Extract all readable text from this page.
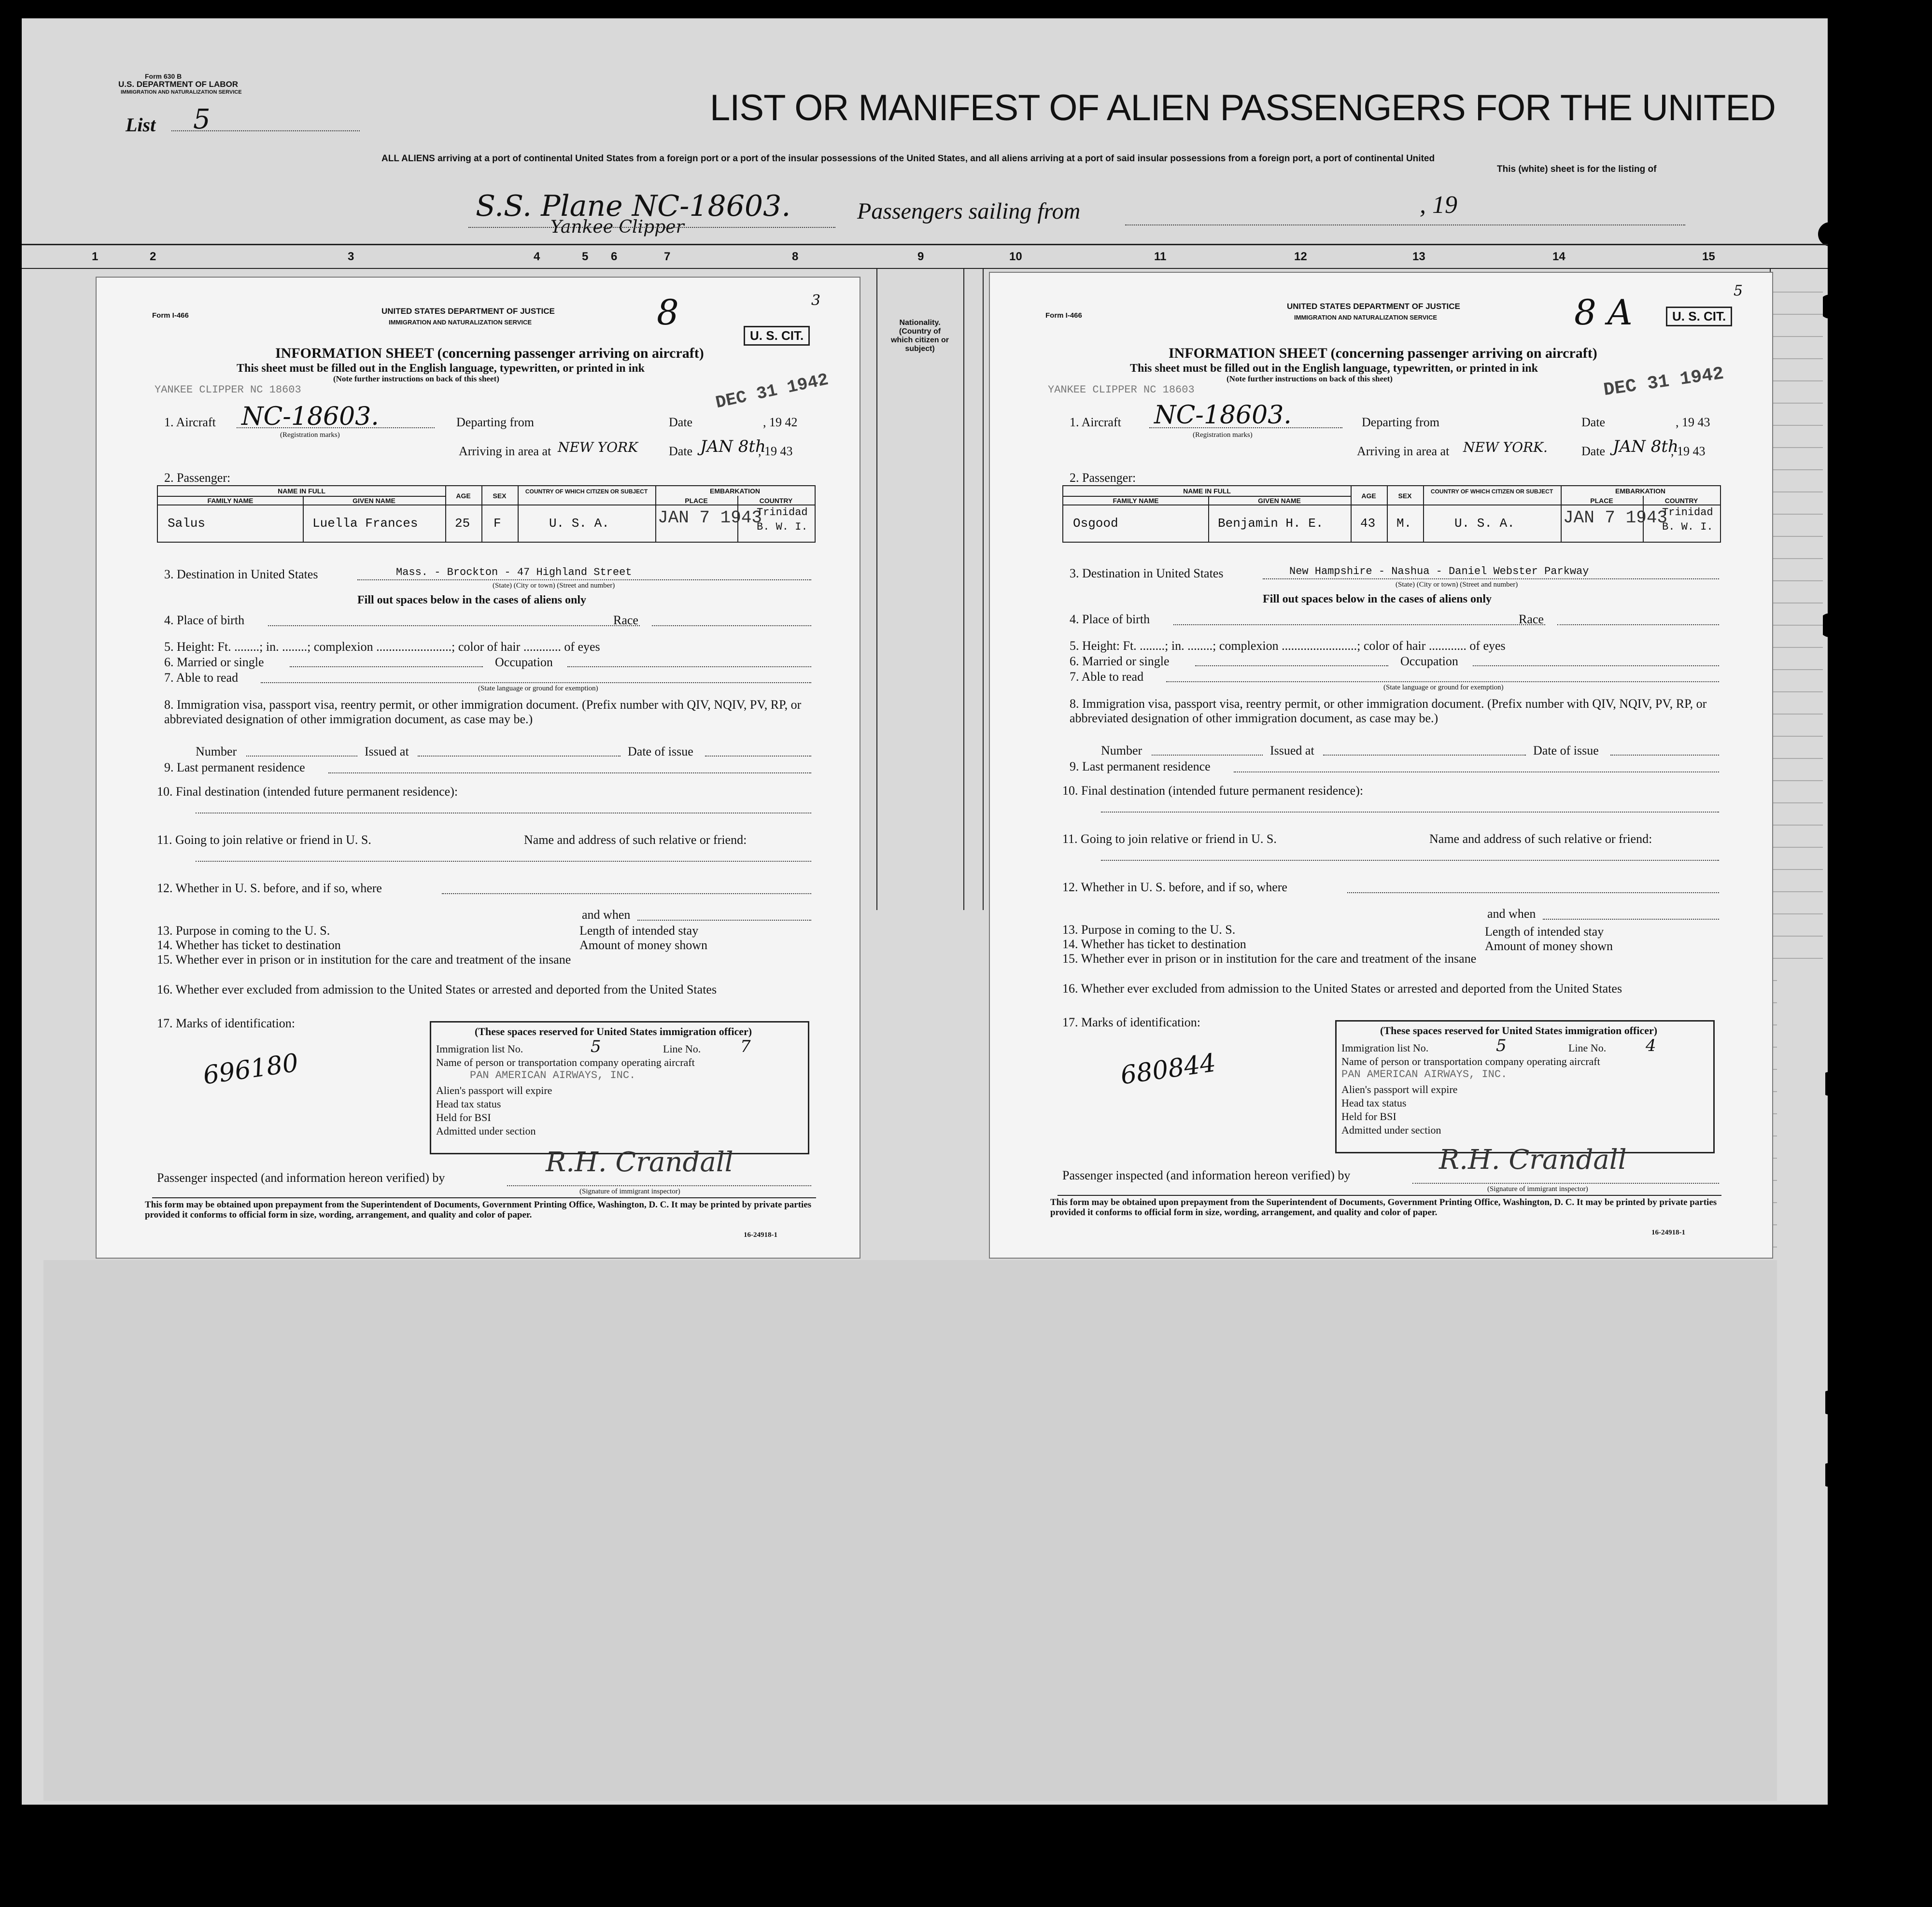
Form 630 B
U.S. DEPARTMENT OF LABOR
IMMIGRATION AND NATURALIZATION SERVICE
List 5	LIST OR MANIFEST OF ALIEN PASSENGERS FOR THE UNITED
ALL ALIENS arriving at a port of continental United States from a foreign port or a port of the insular possessions of the United States, and all aliens arriving at a port of said insular possessions from a foreign port, a port of continental United
This (white) sheet is for the listing of
S.S. Plane NC-18603.
Yankee Clipper
Passengers sailing from	, 19
1	2	3	4	5 6	7	8	9	10	11	12	13	14	15
Nationality. (Country of which citizen or subject)
Form I-466	UNITED STATES DEPARTMENT OF JUSTICE
IMMIGRATION AND NATURALIZATION SERVICE	8	3
U. S. CIT.
INFORMATION SHEET (concerning passenger arriving on aircraft)
This sheet must be filled out in the English language, typewritten, or printed in ink
(Note further instructions on back of this sheet)
YANKEE CLIPPER NC 18603	DEC 31 1942
1. Aircraft NC-18603.
(Registration marks)
Departing from	Date	, 19 42
Arriving in area at NEW YORK Date JAN 8th
, 19 43
2. Passenger:
NAME IN FULL
FAMILY NAME	GIVEN NAME
AGE	SEX
COUNTRY OF WHICH CITIZEN OR SUBJECT	EMBARKATION
PLACE	COUNTRY
Salus	Luella Frances	25 F	U. S. A.	JAN 7 1943
Trinidad
B. W. I.
3. Destination in United States	Mass. - Brockton - 47 Highland Street
(State) (City or town) (Street and number)
Fill out spaces below in the cases of aliens only
4. Place of birth	Race
5. Height: Ft. ........; in. ........; complexion ........................; color of hair ............ of eyes
6. Married or single	Occupation
7. Able to read
(State language or ground for exemption)
8. Immigration visa, passport visa, reentry permit, or other immigration document. (Prefix number with QIV, NQIV, PV, RP, or abbreviated designation of other immigration document, as case may be.)
Number	Issued at	Date of issue
9. Last permanent residence
10. Final destination (intended future permanent residence):
11. Going to join relative or friend in U. S.	Name and address of such relative or friend:
12. Whether in U. S. before, and if so, where
and when
13. Purpose in coming to the U. S.	Length of intended stay
14. Whether has ticket to destination	Amount of money shown
15. Whether ever in prison or in institution for the care and treatment of the insane
16. Whether ever excluded from admission to the United States or arrested and deported from the United States
17. Marks of identification:
696180
(These spaces reserved for United States immigration officer)
Immigration list No.	5	Line No. 7
Name of person or transportation company operating aircraft
PAN AMERICAN AIRWAYS, INC.
Alien's passport will expire
Head tax status
Held for BSI
Admitted under section
Passenger inspected (and information hereon verified) by	R.H. Crandall
(Signature of immigrant inspector)
This form may be obtained upon prepayment from the Superintendent of Documents, Government Printing Office, Washington, D. C. It may be printed by private parties provided it conforms to official form in size, wording, arrangement, and quality and color of paper.
16-24918-1
Form I-466
UNITED STATES DEPARTMENT OF JUSTICE
IMMIGRATION AND NATURALIZATION SERVICE	8 A
5
U. S. CIT.
INFORMATION SHEET (concerning passenger arriving on aircraft)
This sheet must be filled out in the English language, typewritten, or printed in ink
(Note further instructions on back of this sheet)
YANKEE CLIPPER NC 18603	DEC 31 1942
1. Aircraft NC-18603.
(Registration marks)
Departing from	Date	, 19 43
Arriving in area at NEW YORK.	Date JAN 8th
, 19 43
2. Passenger:
NAME IN FULL
FAMILY NAME	GIVEN NAME
AGE	SEX
COUNTRY OF WHICH CITIZEN OR SUBJECT	EMBARKATION
PLACE	COUNTRY
Osgood	Benjamin H. E.	43 M.	U. S. A.	JAN 7 1943
Trinidad
B. W. I.
3. Destination in United States	New Hampshire - Nashua - Daniel Webster Parkway
(State) (City or town) (Street and number)
Fill out spaces below in the cases of aliens only
4. Place of birth	Race
5. Height: Ft. ........; in. ........; complexion ........................; color of hair ............ of eyes
6. Married or single	Occupation
7. Able to read
(State language or ground for exemption)
8. Immigration visa, passport visa, reentry permit, or other immigration document. (Prefix number with QIV, NQIV, PV, RP, or abbreviated designation of other immigration document, as case may be.)
Number	Issued at	Date of issue
9. Last permanent residence
10. Final destination (intended future permanent residence):
11. Going to join relative or friend in U. S.	Name and address of such relative or friend:
12. Whether in U. S. before, and if so, where
and when
13. Purpose in coming to the U. S.	Length of intended stay
14. Whether has ticket to destination	Amount of money shown
15. Whether ever in prison or in institution for the care and treatment of the insane
16. Whether ever excluded from admission to the United States or arrested and deported from the United States
17. Marks of identification:
680844
(These spaces reserved for United States immigration officer)
Immigration list No.	5	Line No. 4
Name of person or transportation company operating aircraft
PAN AMERICAN AIRWAYS, INC.
Alien's passport will expire
Head tax status
Held for BSI
Admitted under section
Passenger inspected (and information hereon verified) by	R.H. Crandall
(Signature of immigrant inspector)
This form may be obtained upon prepayment from the Superintendent of Documents, Government Printing Office, Washington, D. C. It may be printed by private parties provided it conforms to official form in size, wording, arrangement, and quality and color of paper.
16-24918-1
